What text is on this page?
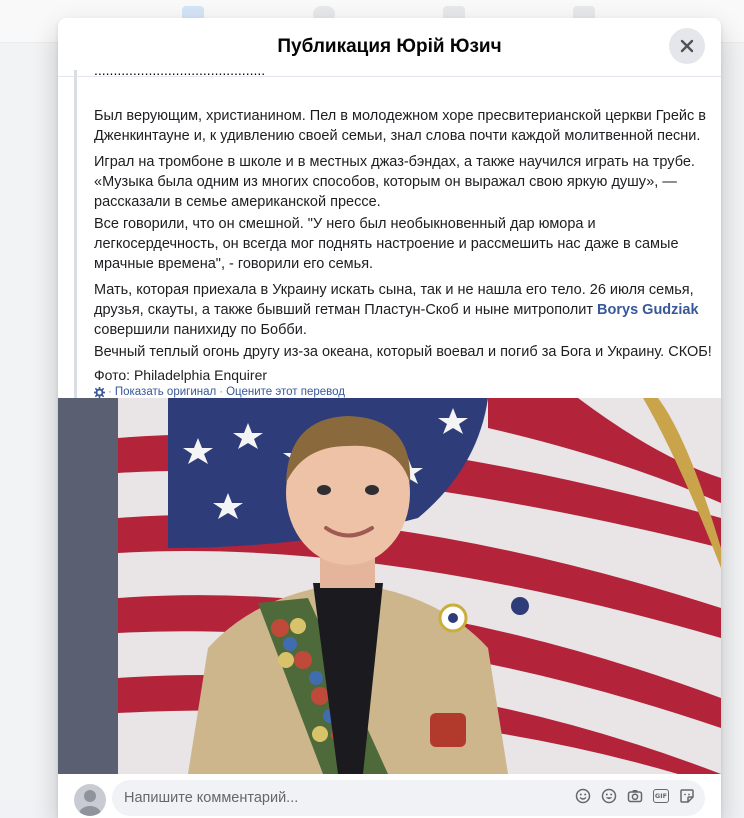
Публикация Юрій Юзич
............................................

Был верующим, христианином. Пел в молодежном хоре пресвитерианской церкви Грейс в Дженкинтауне и, к удивлению своей семьи, знал слова почти каждой молитвенной песни.

Играл на тромбоне в школе и в местных джаз-бэндах, а также научился играть на трубе. «Музыка была одним из многих способов, которым он выражал свою яркую душу», — рассказали в семье американской прессе.

Все говорили, что он смешной. "У него был необыкновенный дар юмора и легкосердечность, он всегда мог поднять настроение и рассмешить нас даже в самые мрачные времена", - говорили его семья.

Мать, которая приехала в Украину искать сына, так и не нашла его тело. 26 июля семья, друзья, скауты, а также бывший гетман Пластун-Скоб и ныне митрополит Borys Gudziak совершили панихиду по Бобби.

Вечный теплый огонь другу из-за океана, который воевал и погиб за Бога и Украину. СКОБ!

Фото: Philadelphia Enquirer
· Показать оригинал · Оцените этот перевод
Напишите комментарий...
GIF
